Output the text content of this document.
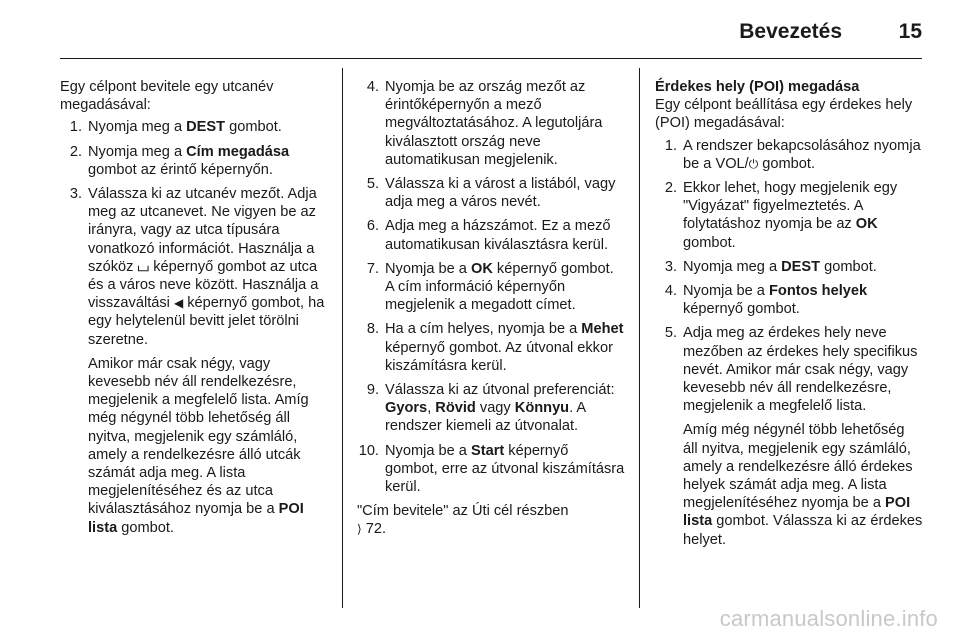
Bevezetés	15

Egy célpont bevitele egy utcanév megadásával:

1. Nyomja meg a DEST gombot.
2. Nyomja meg a Cím megadása gombot az érintő képernyőn.
3. Válassza ki az utcanév mezőt. Adja meg az utcanevet. Ne vigyen be az irányra, vagy az utca típusára vonatkozó információt. Használja a szóköz ⌴ képernyő gombot az utca és a város neve között. Használja a visszaváltási ◀ képernyő gombot, ha egy helytelenül bevitt jelet törölni szeretne.

Amikor már csak négy, vagy kevesebb név áll rendelkezésre, megjelenik a megfelelő lista. Amíg még négynél több lehetőség áll nyitva, megjelenik egy számláló, amely a rendelkezésre álló utcák számát adja meg. A lista megjelenítéséhez és az utca kiválasztásához nyomja be a POI lista gombot.

4. Nyomja be az ország mezőt az érintőképernyőn a mező megváltoztatásához. A legutoljára kiválasztott ország neve automatikusan megjelenik.
5. Válassza ki a várost a listából, vagy adja meg a város nevét.
6. Adja meg a házszámot. Ez a mező automatikusan kiválasztásra kerül.
7. Nyomja be a OK képernyő gombot. A cím információ képernyőn megjelenik a megadott címet.
8. Ha a cím helyes, nyomja be a Mehet képernyő gombot. Az útvonal ekkor kiszámításra kerül.
9. Válassza ki az útvonal preferenciát: Gyors, Rövid vagy Könnyu. A rendszer kiemeli az útvonalat.
10. Nyomja be a Start képernyő gombot, erre az útvonal kiszámításra kerül.

"Cím bevitele" az Úti cél részben
⟩ 72.

Érdekes hely (POI) megadása

Egy célpont beállítása egy érdekes hely (POI) megadásával:

1. A rendszer bekapcsolásához nyomja be a VOL/⏻ gombot.
2. Ekkor lehet, hogy megjelenik egy "Vigyázat" figyelmeztetés. A folytatáshoz nyomja be az OK gombot.
3. Nyomja meg a DEST gombot.
4. Nyomja be a Fontos helyek képernyő gombot.
5. Adja meg az érdekes hely neve mezőben az érdekes hely specifikus nevét. Amikor már csak négy, vagy kevesebb név áll rendelkezésre, megjelenik a megfelelő lista.

Amíg még négynél több lehetőség áll nyitva, megjelenik egy számláló, amely a rendelkezésre álló érdekes helyek számát adja meg. A lista megjelenítéséhez nyomja be a POI lista gombot. Válassza ki az érdekes helyet.

carmanualsonline.info
